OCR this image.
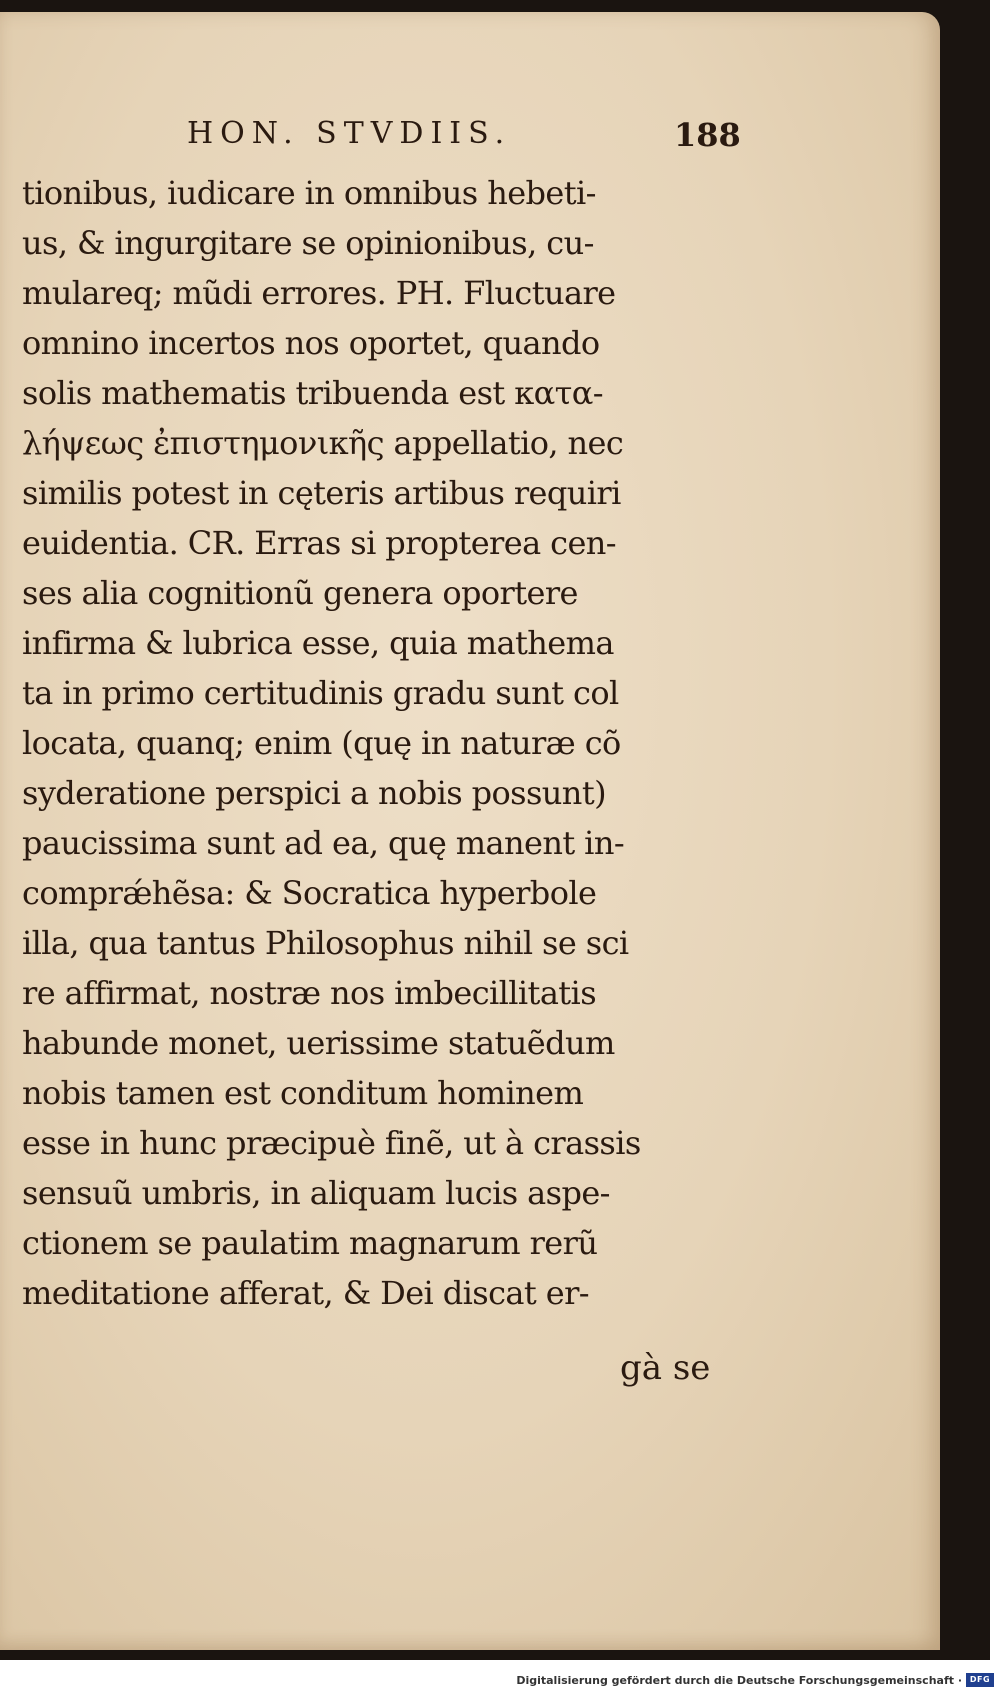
HON. STVDIIS.	188
tionibus, iudicare in omnibus hebeti-
us, & ingurgitare se opinionibus, cu-
mulareq; mũdi errores. PH. Fluctuare
omnino incertos nos oportet, quando
solis mathematis tribuenda est κατα-
λήψεως ἐπιστημονικῆς appellatio, nec
similis potest in cęteris artibus requiri
euidentia. CR. Erras si propterea cen-
ses alia cognitionũ genera oportere
infirma & lubrica esse, quia mathema
ta in primo certitudinis gradu sunt col
locata, quanq; enim (quę in naturæ cõ
syderatione perspici a nobis possunt)
paucissima sunt ad ea, quę manent in-
comprǽhẽsa: & Socratica hyperbole
illa, qua tantus Philosophus nihil se sci
re affirmat, nostræ nos imbecillitatis
habunde monet, uerissime statuẽdum
nobis tamen est conditum hominem
esse in hunc præcipuè finẽ, ut à crassis
sensuũ umbris, in aliquam lucis aspe-
ctionem se paulatim magnarum rerũ
meditatione afferat, & Dei discat er-
gà se
Digitalisierung gefördert durch die Deutsche Forschungsgemeinschaft · DFG
